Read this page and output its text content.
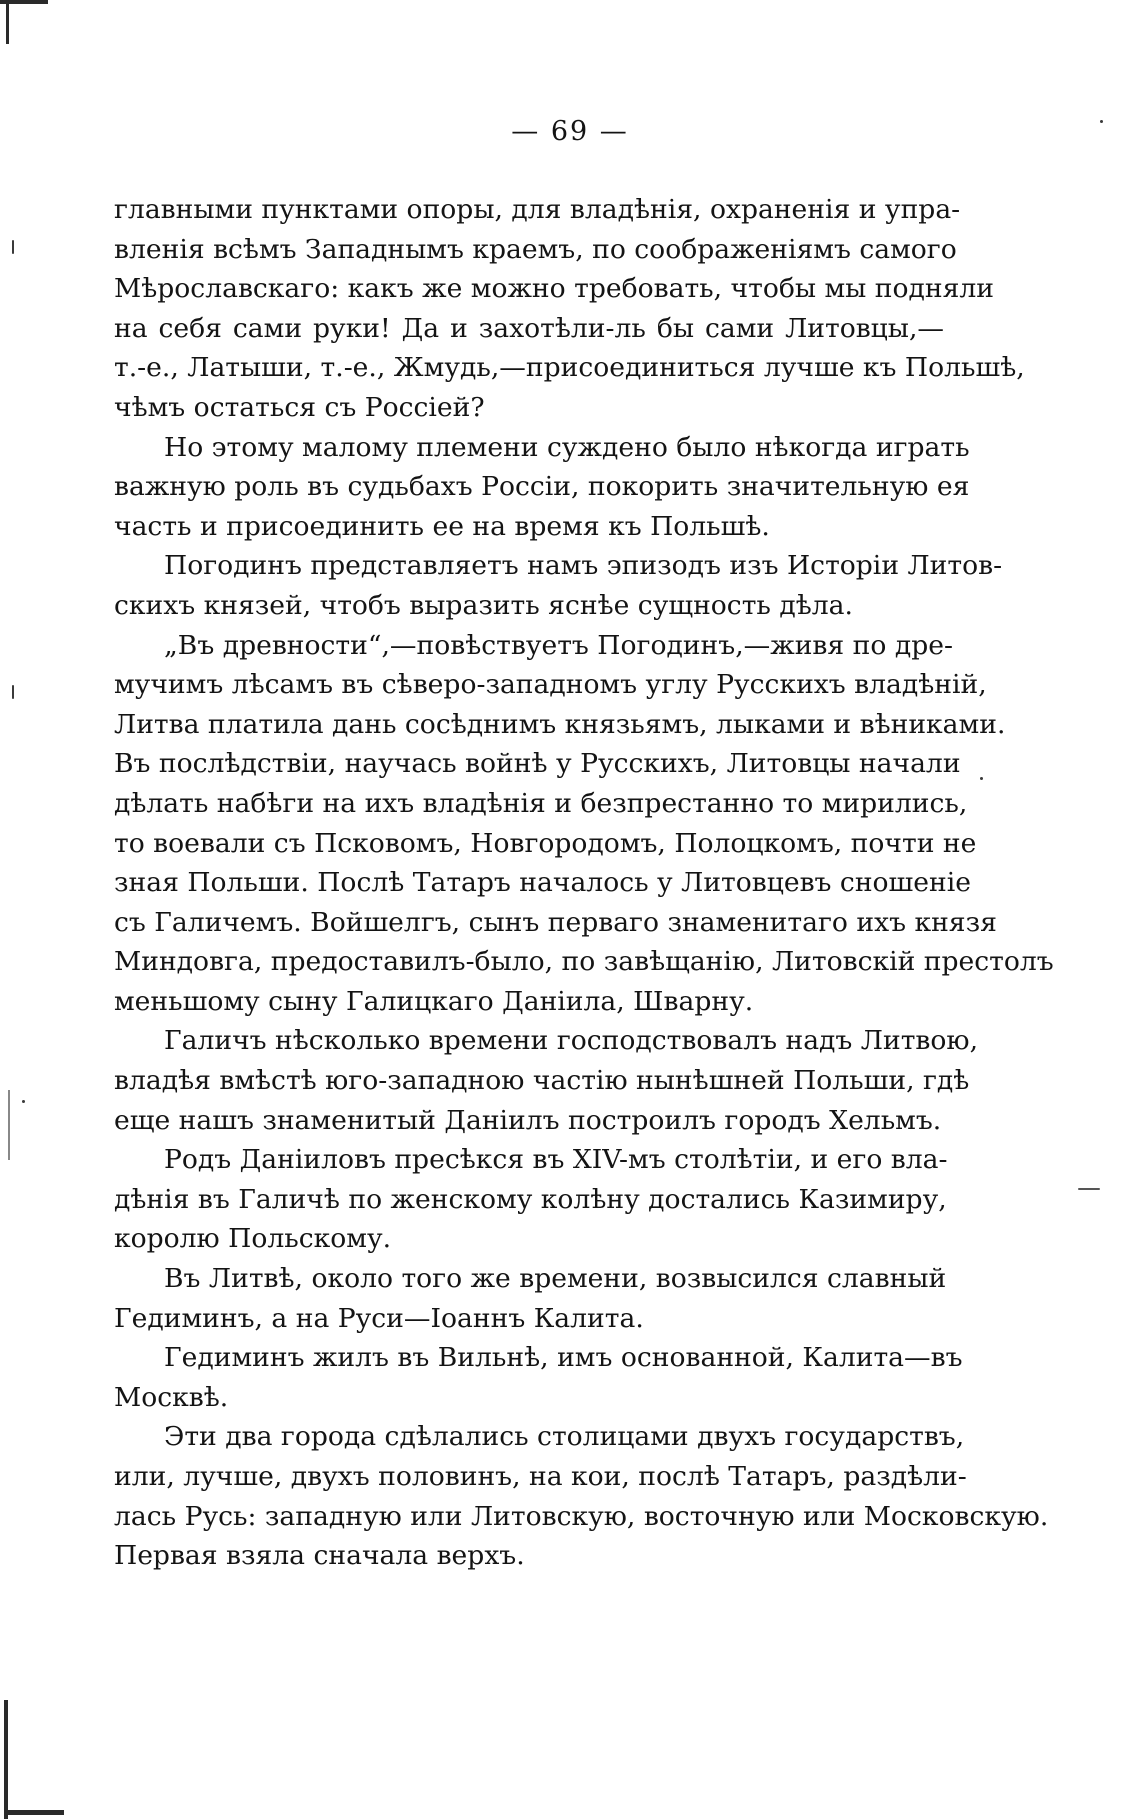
— 69 —
главными пунктами опоры, для владѣнія, охраненія и упра-
вленія всѣмъ Западнымъ краемъ, по соображеніямъ самого
Мѣрославскаго: какъ же можно требовать, чтобы мы подняли
на себя сами руки! Да и захотѣли-ль бы сами Литовцы,—
т.-е., Латыши, т.-е., Жмудь,—присоединиться лучше къ Польшѣ,
чѣмъ остаться съ Россіей?
Но этому малому племени суждено было нѣкогда играть
важную роль въ судьбахъ Россіи, покорить значительную ея
часть и присоединить ее на время къ Польшѣ.
Погодинъ представляетъ намъ эпизодъ изъ Исторіи Литов-
скихъ князей, чтобъ выразить яснѣе сущность дѣла.
„Въ древности“,—повѣствуетъ Погодинъ,—живя по дре-
мучимъ лѣсамъ въ сѣверо-западномъ углу Русскихъ владѣній,
Литва платила дань сосѣднимъ князьямъ, лыками и вѣниками.
Въ послѣдствіи, научась войнѣ у Русскихъ, Литовцы начали
дѣлать набѣги на ихъ владѣнія и безпрестанно то мирились,
то воевали съ Псковомъ, Новгородомъ, Полоцкомъ, почти не
зная Польши. Послѣ Татаръ началось у Литовцевъ сношеніе
съ Галичемъ. Войшелгъ, сынъ перваго знаменитаго ихъ князя
Миндовга, предоставилъ-было, по завѣщанію, Литовскій престолъ
меньшому сыну Галицкаго Даніила, Шварну.
Галичъ нѣсколько времени господствовалъ надъ Литвою,
владѣя вмѣстѣ юго-западною частію нынѣшней Польши, гдѣ
еще нашъ знаменитый Даніилъ построилъ городъ Хельмъ.
Родъ Даніиловъ пресѣкся въ XIV-мъ столѣтіи, и его вла-
дѣнія въ Галичѣ по женскому колѣну достались Казимиру,
королю Польскому.
Въ Литвѣ, около того же времени, возвысился славный
Гедиминъ, а на Руси—Іоаннъ Калита.
Гедиминъ жилъ въ Вильнѣ, имъ основанной, Калита—въ
Москвѣ.
Эти два города сдѣлались столицами двухъ государствъ,
или, лучше, двухъ половинъ, на кои, послѣ Татаръ, раздѣли-
лась Русь: западную или Литовскую, восточную или Московскую.
Первая взяла сначала верхъ.
